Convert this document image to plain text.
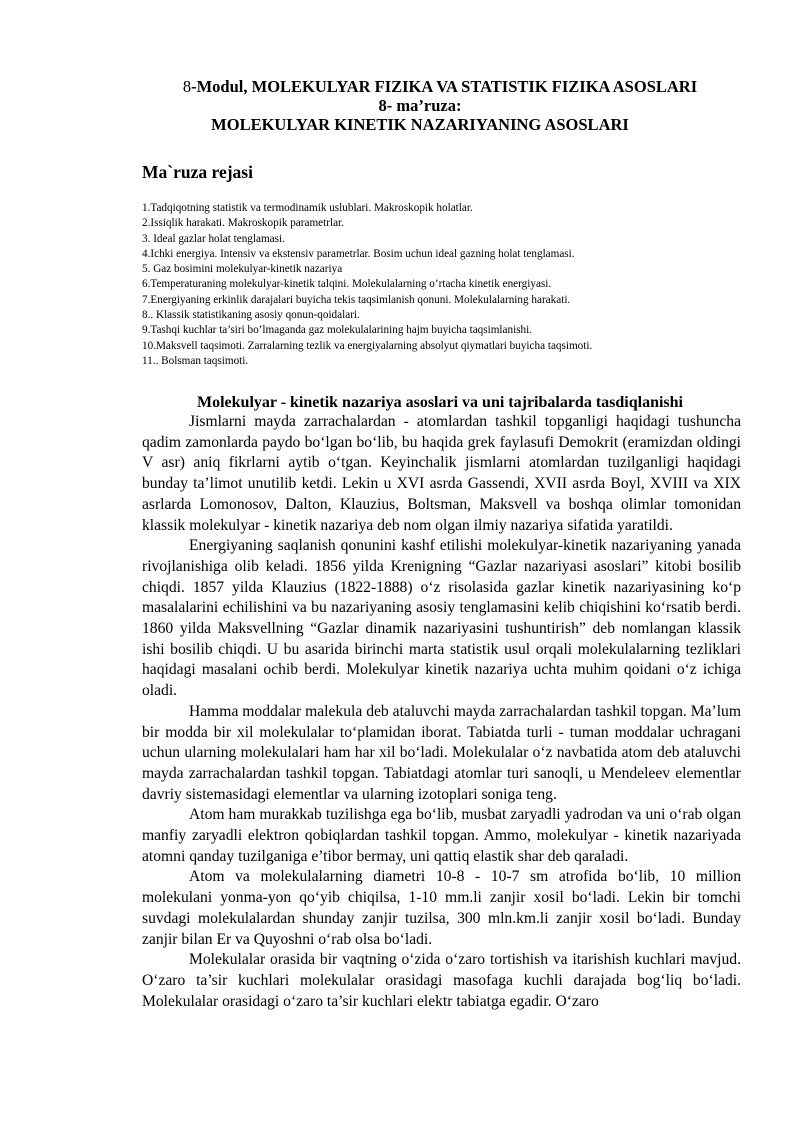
8-Modul, MOLEKULYAR FIZIKA VA STATISTIK FIZIKA ASOSLARI
8- ma’ruza:
MOLEKULYAR KINETIK NAZARIYANING ASOSLARI
Ma`ruza rejasi
1.Tadqiqotning statistik va termodinamik uslublari. Makroskopik holatlar.
2.Issiqlik harakati. Makroskopik parametrlar.
3. Ideal gazlar holat tenglamasi.
4.Ichki energiya. Intensiv va ekstensiv parametrlar. Bosim uchun ideal gazning holat tenglamasi.
5. Gaz bosimini molekulyar-kinetik nazariya
6.Temperaturaning molekulyar-kinetik talqini. Molekulalarning o’rtacha kinetik energiyasi.
7.Energiyaning erkinlik darajalari buyicha tekis taqsimlanish qonuni. Molekulalarning harakati.
8.. Klassik statistikaning asosiy qonun-qoidalari.
9.Tashqi kuchlar ta’siri bo’lmaganda gaz molekulalarining hajm buyicha taqsimlanishi.
10.Maksvell taqsimoti. Zarralarning tezlik va energiyalarning absolyut qiymatlari buyicha taqsimoti.
11.. Bolsman taqsimoti.
Molekulyar - kinetik nazariya asoslari va uni tajribalarda tasdiqlanishi

Jismlarni mayda zarrachalardan - atomlardan tashkil topganligi haqidagi tushuncha qadim zamonlarda paydo bo‘lgan bo‘lib, bu haqida grek faylasufi Demokrit (eramizdan oldingi V asr) aniq fikrlarni aytib o‘tgan. Keyinchalik jismlarni atomlardan tuzilganligi haqidagi bunday ta’limot unutilib ketdi. Lekin u XVI asrda Gassendi, XVII asrda Boyl, XVIII va XIX asrlarda Lomonosov, Dalton, Klauzius, Boltsman, Maksvell va boshqa olimlar tomonidan klassik molekulyar - kinetik nazariya deb nom olgan ilmiy nazariya sifatida yaratildi.

Energiyaning saqlanish qonunini kashf etilishi molekulyar-kinetik nazariyaning yanada rivojlanishiga olib keladi. 1856 yilda Krenigning “Gazlar nazariyasi asoslari” kitobi bosilib chiqdi. 1857 yilda Klauzius (1822-1888) o‘z risolasida gazlar kinetik nazariyasining ko‘p masalalarini echilishini va bu nazariyaning asosiy tenglamasini kelib chiqishini ko‘rsatib berdi. 1860 yilda Maksvellning “Gazlar dinamik nazariyasini tushuntirish” deb nomlangan klassik ishi bosilib chiqdi. U bu asarida birinchi marta statistik usul orqali molekulalarning tezliklari haqidagi masalani ochib berdi. Molekulyar kinetik nazariya uchta muhim qoidani o‘z ichiga oladi.

Hamma moddalar malekula deb ataluvchi mayda zarrachalardan tashkil topgan. Ma’lum bir modda bir xil molekulalar to‘plamidan iborat. Tabiatda turli - tuman moddalar uchragani uchun ularning molekulalari ham har xil bo‘ladi. Molekulalar o‘z navbatida atom deb ataluvchi mayda zarrachalardan tashkil topgan. Tabiatdagi atomlar turi sanoqli, u Mendeleev elementlar davriy sistemasidagi elementlar va ularning izotoplari soniga teng.

Atom ham murakkab tuzilishga ega bo‘lib, musbat zaryadli yadrodan va uni o‘rab olgan manfiy zaryadli elektron qobiqlardan tashkil topgan. Ammo, molekulyar - kinetik nazariyada atomni qanday tuzilganiga e’tibor bermay, uni qattiq elastik shar deb qaraladi.

Atom va molekulalarning diametri 10-8 - 10-7 sm atrofida bo‘lib, 10 million molekulani yonma-yon qo‘yib chiqilsa, 1-10 mm.li zanjir xosil bo‘ladi. Lekin bir tomchi suvdagi molekulalardan shunday zanjir tuzilsa, 300 mln.km.li zanjir xosil bo‘ladi. Bunday zanjir bilan Er va Quyoshni o‘rab olsa bo‘ladi.

Molekulalar orasida bir vaqtning o‘zida o‘zaro tortishish va itarishish kuchlari mavjud. O‘zaro ta’sir kuchlari molekulalar orasidagi masofaga kuchli darajada bog‘liq bo‘ladi. Molekulalar orasidagi o‘zaro ta’sir kuchlari elektr tabiatga egadir. O‘zaro
